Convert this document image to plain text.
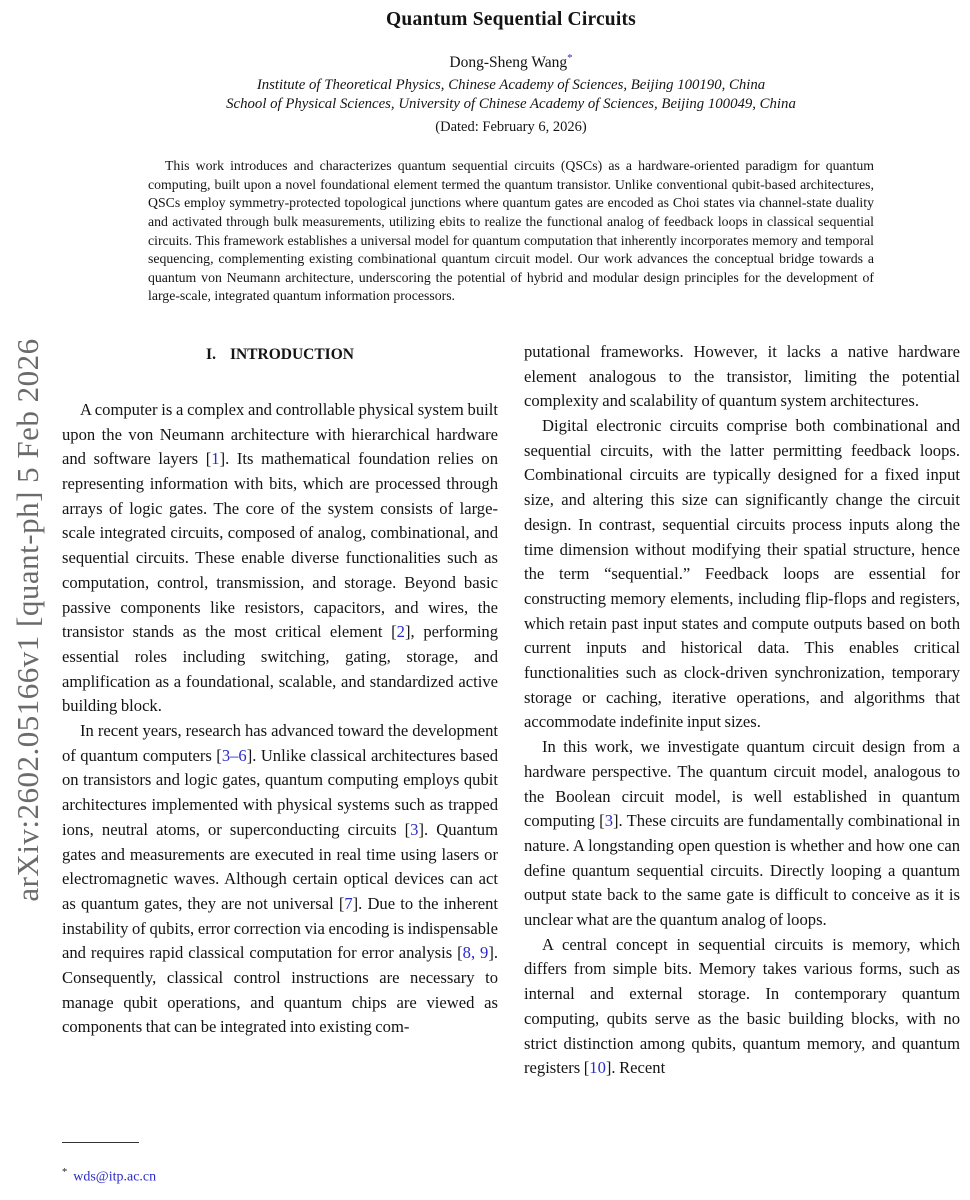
arXiv:2602.05166v1 [quant-ph] 5 Feb 2026
Quantum Sequential Circuits
Dong-Sheng Wang*
Institute of Theoretical Physics, Chinese Academy of Sciences, Beijing 100190, China
School of Physical Sciences, University of Chinese Academy of Sciences, Beijing 100049, China
(Dated: February 6, 2026)
This work introduces and characterizes quantum sequential circuits (QSCs) as a hardware-oriented paradigm for quantum computing, built upon a novel foundational element termed the quantum transistor. Unlike conventional qubit-based architectures, QSCs employ symmetry-protected topological junctions where quantum gates are encoded as Choi states via channel-state duality and activated through bulk measurements, utilizing ebits to realize the functional analog of feedback loops in classical sequential circuits. This framework establishes a universal model for quantum computation that inherently incorporates memory and temporal sequencing, complementing existing combinational quantum circuit model. Our work advances the conceptual bridge towards a quantum von Neumann architecture, underscoring the potential of hybrid and modular design principles for the development of large-scale, integrated quantum information processors.
I. INTRODUCTION

A computer is a complex and controllable physical system built upon the von Neumann architecture with hierarchical hardware and software layers [1]. Its mathematical foundation relies on representing information with bits, which are processed through arrays of logic gates. The core of the system consists of large-scale integrated circuits, composed of analog, combinational, and sequential circuits. These enable diverse functionalities such as computation, control, transmission, and storage. Beyond basic passive components like resistors, capacitors, and wires, the transistor stands as the most critical element [2], performing essential roles including switching, gating, storage, and amplification as a foundational, scalable, and standardized active building block.

In recent years, research has advanced toward the development of quantum computers [3–6]. Unlike classical architectures based on transistors and logic gates, quantum computing employs qubit architectures implemented with physical systems such as trapped ions, neutral atoms, or superconducting circuits [3]. Quantum gates and measurements are executed in real time using lasers or electromagnetic waves. Although certain optical devices can act as quantum gates, they are not universal [7]. Due to the inherent instability of qubits, error correction via encoding is indispensable and requires rapid classical computation for error analysis [8, 9]. Consequently, classical control instructions are necessary to manage qubit operations, and quantum chips are viewed as components that can be integrated into existing com-

* wds@itp.ac.cn

putational frameworks. However, it lacks a native hardware element analogous to the transistor, limiting the potential complexity and scalability of quantum system architectures.

Digital electronic circuits comprise both combinational and sequential circuits, with the latter permitting feedback loops. Combinational circuits are typically designed for a fixed input size, and altering this size can significantly change the circuit design. In contrast, sequential circuits process inputs along the time dimension without modifying their spatial structure, hence the term “sequential.” Feedback loops are essential for constructing memory elements, including flip-flops and registers, which retain past input states and compute outputs based on both current inputs and historical data. This enables critical functionalities such as clock-driven synchronization, temporary storage or caching, iterative operations, and algorithms that accommodate indefinite input sizes.

In this work, we investigate quantum circuit design from a hardware perspective. The quantum circuit model, analogous to the Boolean circuit model, is well established in quantum computing [3]. These circuits are fundamentally combinational in nature. A longstanding open question is whether and how one can define quantum sequential circuits. Directly looping a quantum output state back to the same gate is difficult to conceive as it is unclear what are the quantum analog of loops.

A central concept in sequential circuits is memory, which differs from simple bits. Memory takes various forms, such as internal and external storage. In contemporary quantum computing, qubits serve as the basic building blocks, with no strict distinction among qubits, quantum memory, and quantum registers [10]. Recent
